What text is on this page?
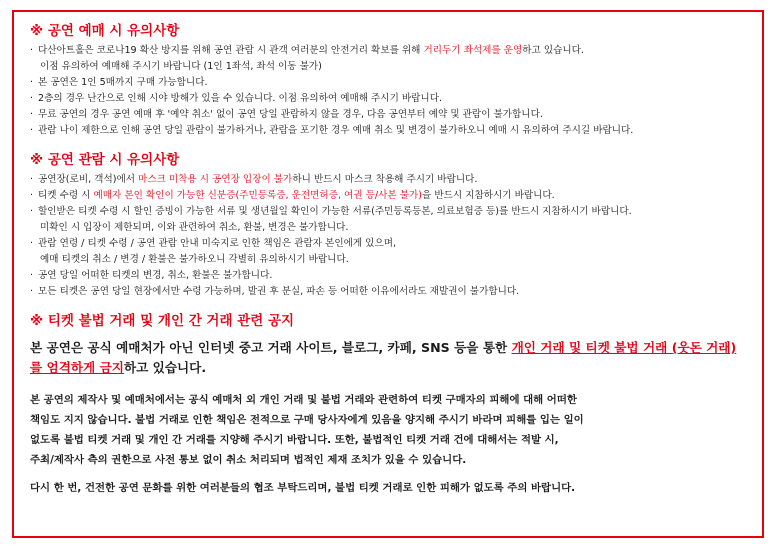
※ 공연 예매 시 유의사항
· 다산아트홀은 코로나19 확산 방지를 위해 공연 관람 시 관객 여러분의 안전거리 확보를 위해 거리두기 좌석제를 운영하고 있습니다.
이점 유의하여 예매해 주시기 바랍니다 (1인 1좌석, 좌석 이동 불가)
· 본 공연은 1인 5매까지 구매 가능합니다.
· 2층의 경우 난간으로 인해 시야 방해가 있을 수 있습니다. 이점 유의하여 예매해 주시기 바랍니다.
· 무료 공연의 경우 공연 예매 후 '예약 취소' 없이 공연 당일 관람하지 않을 경우, 다음 공연부터 예약 및 관람이 불가합니다.
· 관람 나이 제한으로 인해 공연 당일 관람이 불가하거나, 관람을 포기한 경우 예매 취소 및 변경이 불가하오니 예매 시 유의하여 주시길 바랍니다.
※ 공연 관람 시 유의사항
· 공연장(로비, 객석)에서 마스크 미착용 시 공연장 입장이 불가하니 반드시 마스크 착용해 주시기 바랍니다.
· 티켓 수령 시 예매자 본인 확인이 가능한 신분증(주민등록증, 운전면허증, 여권 등/사본 불가)을 반드시 지참하시기 바랍니다.
· 할인받은 티켓 수령 시 할인 증빙이 가능한 서류 및 생년월일 확인이 가능한 서류(주민등록등본, 의료보험증 등)를 반드시 지참하시기 바랍니다.
미확인 시 입장이 제한되며, 이와 관련하여 취소, 환불, 변경은 불가합니다.
· 관람 연령 / 티켓 수령 / 공연 관람 안내 미숙지로 인한 책임은 관람자 본인에게 있으며,
예매 티켓의 취소 / 변경 / 환불은 불가하오니 각별히 유의하시기 바랍니다.
· 공연 당일 어떠한 티켓의 변경, 취소, 환불은 불가합니다.
· 모든 티켓은 공연 당일 현장에서만 수령 가능하며, 발권 후 분실, 파손 등 어떠한 이유에서라도 재발권이 불가합니다.
※ 티켓 불법 거래 및 개인 간 거래 관련 공지
본 공연은 공식 예매처가 아닌 인터넷 중고 거래 사이트, 블로그, 카페, SNS 등을 통한 개인 거래 및 티켓 불법 거래 (웃돈 거래)를 엄격하게 금지하고 있습니다.

본 공연의 제작사 및 예매처에서는 공식 예매처 외 개인 거래 및 불법 거래와 관련하여 티켓 구매자의 피해에 대해 어떠한

책임도 지지 않습니다. 불법 거래로 인한 책임은 전적으로 구매 당사자에게 있음을 양지해 주시기 바라며 피해를 입는 일이

없도록 불법 티켓 거래 및 개인 간 거래를 지양해 주시기 바랍니다. 또한, 불법적인 티켓 거래 건에 대해서는 적발 시,

주최/제작사 측의 권한으로 사전 통보 없이 취소 처리되며 법적인 제재 조치가 있을 수 있습니다.

다시 한 번, 건전한 공연 문화를 위한 여러분들의 협조 부탁드리며, 불법 티켓 거래로 인한 피해가 없도록 주의 바랍니다.
